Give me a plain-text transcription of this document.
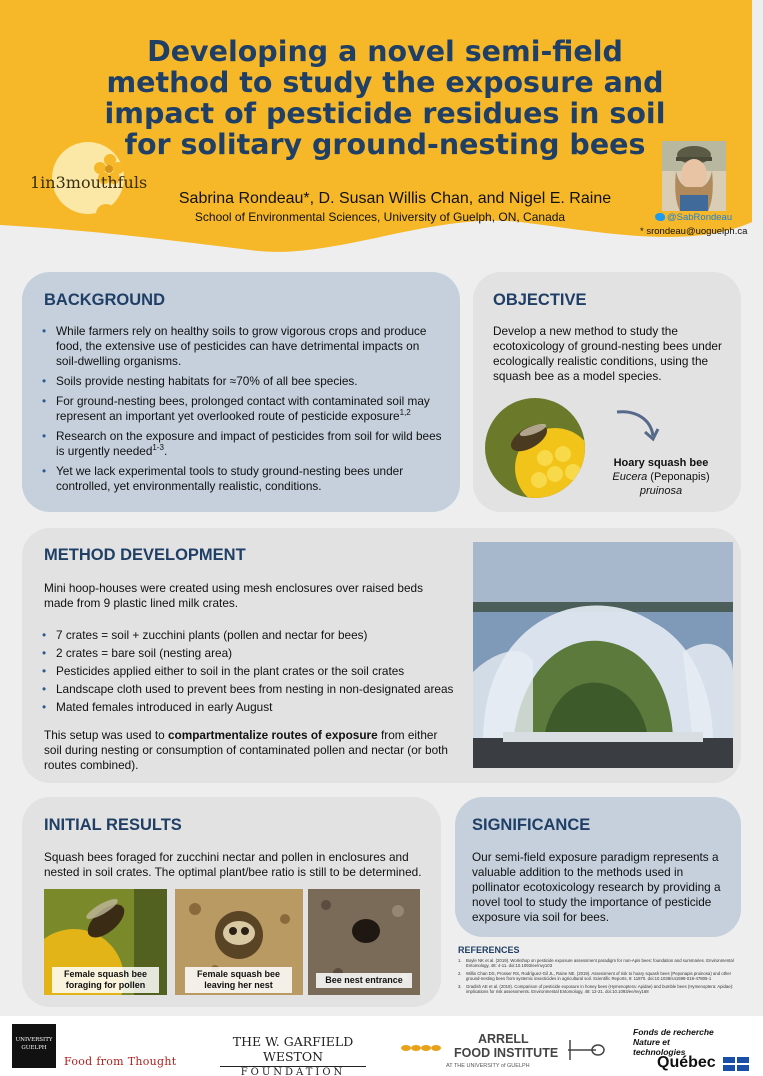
Developing a novel semi-field method to study the exposure and impact of pesticide residues in soil for solitary ground-nesting bees
1in3mouthfuls
Sabrina Rondeau*, D. Susan Willis Chan, and Nigel E. Raine
School of Environmental Sciences, University of Guelph, ON, Canada	@SabRondeau
* srondeau@uoguelph.ca
BACKGROUND
• While farmers rely on healthy soils to grow vigorous crops and produce food, the extensive use of pesticides can have detrimental impacts on soil-dwelling organisms.
• Soils provide nesting habitats for ≈70% of all bee species.
• For ground-nesting bees, prolonged contact with contaminated soil may represent an important yet overlooked route of pesticide exposure$^{1,2}$
• Research on the exposure and impact of pesticides from soil for wild bees is urgently needed$^{1-3}$.
• Yet we lack experimental tools to study ground-nesting bees under controlled, yet environmentally realistic, conditions.
OBJECTIVE

Develop a new method to study the ecotoxicology of ground-nesting bees under ecologically realistic conditions, using the squash bee as a model species.

Hoary squash bee
Eucera (Peponapis) pruinosa
METHOD DEVELOPMENT

Mini hoop-houses were created using mesh enclosures over raised beds made from 9 plastic lined milk crates.

• 7 crates = soil + zucchini plants (pollen and nectar for bees)
• 2 crates = bare soil (nesting area)
• Pesticides applied either to soil in the plant crates or the soil crates
• Landscape cloth used to prevent bees from nesting in non-designated areas
• Mated females introduced in early August

This setup was used to compartmentalize routes of exposure from either soil during nesting or consumption of contaminated pollen and nectar (or both routes combined).

INITIAL RESULTS

Squash bees foraged for zucchini nectar and pollen in enclosures and nested in soil crates. The optimal plant/bee ratio is still to be determined.

Female squash bee
foraging for pollen
Female squash bee
leaving her nest	Bee nest entrance
SIGNIFICANCE

Our semi-field exposure paradigm represents a valuable addition to the methods used in pollinator ecotoxicology research by providing a novel tool to study the importance of pesticide exposure via soil for bees.

REFERENCES
1. Boyle NK et al. (2019). Workshop on pesticide exposure assessment paradigm for non-Apis bees: foundation and summaries. Environmental Entomology, 48: 4-11. doi:10.1093/ee/nvy103
2. Willis Chan DS, Prosser RS, Rodríguez-Gil JL, Raine NE. (2019). Assessment of risk to hoary squash bees (Peponapis pruinosa) and other ground-nesting bees from systemic insecticides in agricultural soil. Scientific Reports, 9: 11870. doi:10.1038/s41598-019-47805-1
3. Gradish AE et al. (2019). Comparison of pesticide exposure in honey bees (Hymenoptera: Apidae) and bumble bees (Hymenoptera: Apidae): implications for risk assessments. Environmental Entomology, 48: 12-21. doi:10.1093/ee/nvy168
UNIVERSITY
GUELPH
Food from Thought
THE W. GARFIELD WESTON
FOUNDATION
ARRELL
FOOD INSTITUTE
AT THE UNIVERSITY of GUELPH
Fonds de recherche
Nature et
technologies
Québec
